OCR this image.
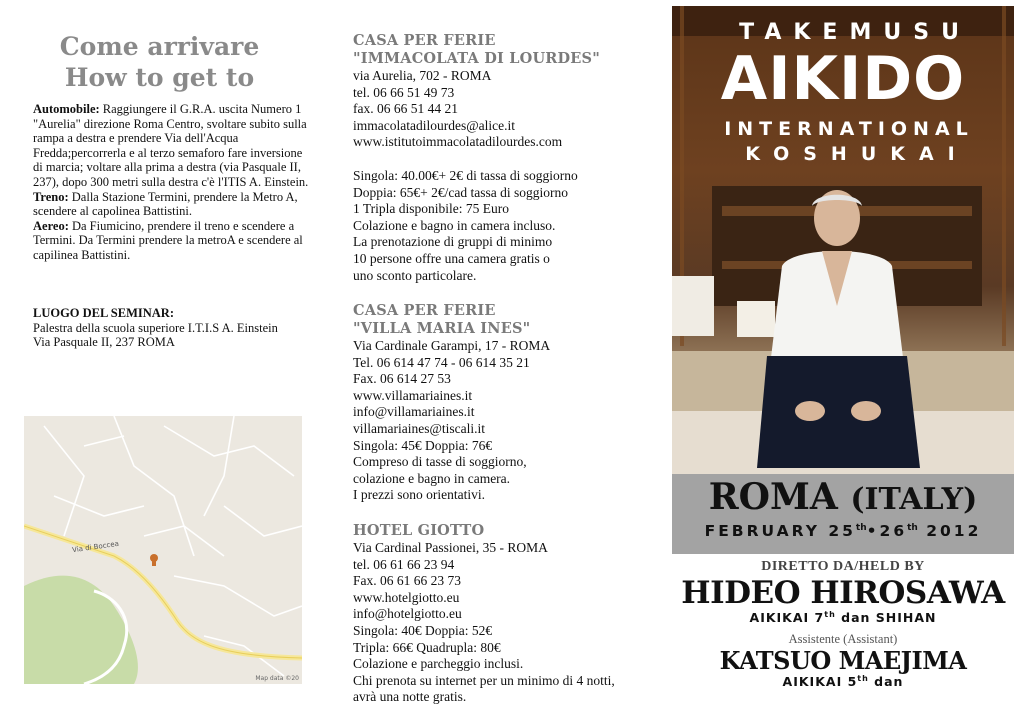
Come arrivare
How to get to
Automobile: Raggiungere il G.R.A. uscita Numero 1 "Aurelia" direzione Roma Centro, svoltare subito sulla rampa a destra e prendere Via dell'Acqua Fredda;percorrerla e al terzo semaforo fare inversione di marcia; voltare alla prima a destra (via Pasquale II, 237), dopo 300 metri sulla destra c'è l'ITIS A. Einstein.
Treno: Dalla Stazione Termini, prendere la Metro A, scendere al capolinea Battistini.
Aereo: Da Fiumicino, prendere il treno e scendere a Termini. Da Termini prendere la metroA e scendere al capilinea Battistini.
LUOGO DEL SEMINAR:
Palestra della scuola superiore I.T.I.S A. Einstein
Via Pasquale II, 237 ROMA
Via di Boccea
Map data ©20
CASA PER FERIE
"IMMACOLATA DI LOURDES"
via Aurelia, 702 - ROMA
tel. 06 66 51 49 73
fax. 06 66 51 44 21
immacolatadilourdes@alice.it
www.istitutoimmacolatadilourdes.com
Singola: 40.00€+ 2€ di tassa di soggiorno
Doppia: 65€+ 2€/cad tassa di soggiorno
1 Tripla disponibile: 75 Euro
Colazione e bagno in camera incluso.
La prenotazione di gruppi di minimo
10 persone offre una camera gratis o
uno sconto particolare.
CASA PER FERIE
"VILLA MARIA INES"
Via Cardinale Garampi, 17 - ROMA
Tel. 06 614 47 74 - 06 614 35 21
Fax. 06 614 27 53
www.villamariaines.it
info@villamariaines.it
villamariaines@tiscali.it
Singola: 45€ Doppia: 76€
Compreso di tasse di soggiorno,
colazione e bagno in camera.
I prezzi sono orientativi.
HOTEL GIOTTO
Via Cardinal Passionei, 35 - ROMA
tel. 06 61 66 23 94
Fax. 06 61 66 23 73
www.hotelgiotto.eu
info@hotelgiotto.eu
Singola: 40€ Doppia: 52€
Tripla: 66€ Quadrupla: 80€
Colazione e parcheggio inclusi.
Chi prenota su internet per un minimo di 4 notti,
avrà una notte gratis.
TAKEMUSU
AIKIDO
INTERNATIONAL
KOSHUKAI
ROMA (ITALY)
FEBRUARY 25th•26th 2012
DIRETTO DA/HELD BY
HIDEO HIROSAWA
AIKIKAI 7th dan SHIHAN
Assistente (Assistant)
KATSUO MAEJIMA
AIKIKAI 5th dan
